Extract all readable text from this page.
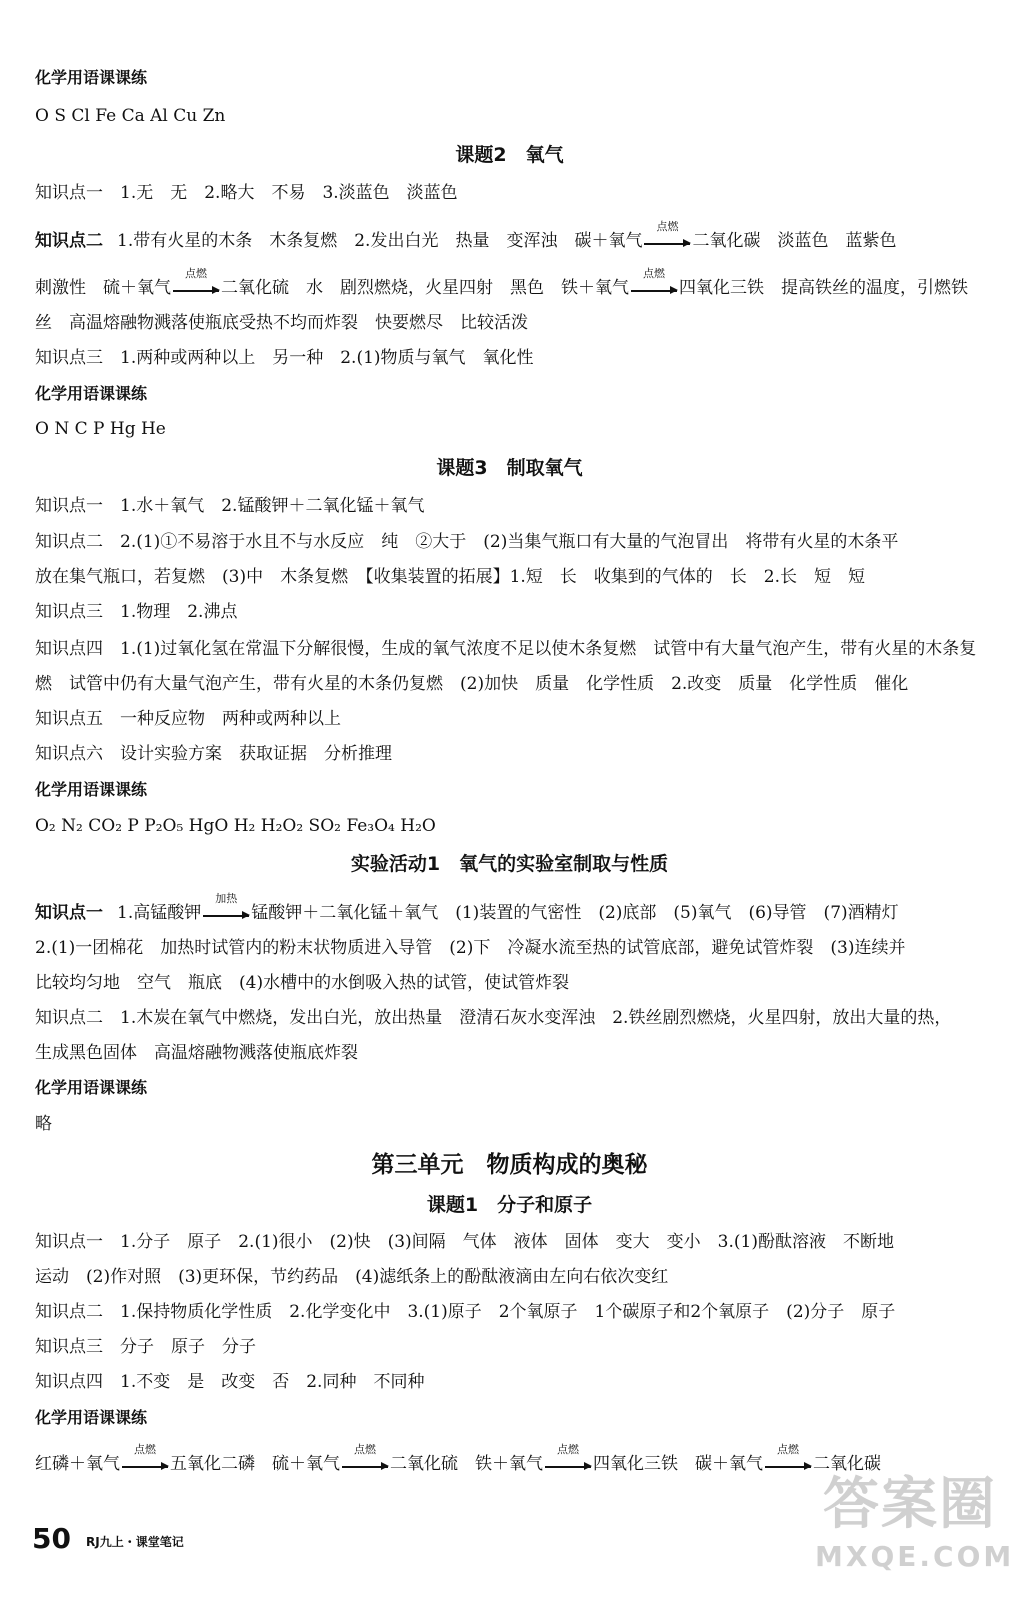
化学用语课课练
O S Cl Fe Ca Al Cu Zn
课题2　氧气
知识点一　1.无　无　2.略大　不易　3.淡蓝色　淡蓝色
知识点二 1.带有火星的木条　木条复燃　2.发出白光　热量　变浑浊　碳＋氧气
点燃
二氧化碳　淡蓝色　蓝紫色
刺激性　硫＋氧气
点燃
二氧化硫　水　剧烈燃烧，火星四射　黑色　铁＋氧气
点燃
四氧化三铁　提高铁丝的温度，引燃铁
丝　高温熔融物溅落使瓶底受热不均而炸裂　快要燃尽　比较活泼
知识点三　1.两种或两种以上　另一种　2.(1)物质与氧气　氧化性
化学用语课课练
O N C P Hg He
课题3　制取氧气
知识点一　1.水＋氧气　2.锰酸钾＋二氧化锰＋氧气
知识点二　2.(1)①不易溶于水且不与水反应　纯　②大于　(2)当集气瓶口有大量的气泡冒出　将带有火星的木条平
放在集气瓶口，若复燃　(3)中　木条复燃　【收集装置的拓展】1.短　长　收集到的气体的　长　2.长　短　短
知识点三　1.物理　2.沸点
知识点四　1.(1)过氧化氢在常温下分解很慢，生成的氧气浓度不足以使木条复燃　试管中有大量气泡产生，带有火星的木条复
燃　试管中仍有大量气泡产生，带有火星的木条仍复燃　(2)加快　质量　化学性质　2.改变　质量　化学性质　催化
知识点五　一种反应物　两种或两种以上
知识点六　设计实验方案　获取证据　分析推理
化学用语课课练
O₂ N₂ CO₂ P P₂O₅ HgO H₂ H₂O₂ SO₂ Fe₃O₄ H₂O
实验活动1　氧气的实验室制取与性质
知识点一 1.高锰酸钾
加热
锰酸钾＋二氧化锰＋氧气　(1)装置的气密性　(2)底部　(5)氧气　(6)导管　(7)酒精灯
2.(1)一团棉花　加热时试管内的粉末状物质进入导管　(2)下　冷凝水流至热的试管底部，避免试管炸裂　(3)连续并
比较均匀地　空气　瓶底　(4)水槽中的水倒吸入热的试管，使试管炸裂
知识点二　1.木炭在氧气中燃烧，发出白光，放出热量　澄清石灰水变浑浊　2.铁丝剧烈燃烧，火星四射，放出大量的热，
生成黑色固体　高温熔融物溅落使瓶底炸裂
化学用语课课练
略
第三单元　物质构成的奥秘
课题1　分子和原子
知识点一　1.分子　原子　2.(1)很小　(2)快　(3)间隔　气体　液体　固体　变大　变小　3.(1)酚酞溶液　不断地
运动　(2)作对照　(3)更环保，节约药品　(4)滤纸条上的酚酞液滴由左向右依次变红
知识点二　1.保持物质化学性质　2.化学变化中　3.(1)原子　2个氧原子　1个碳原子和2个氧原子　(2)分子　原子
知识点三　分子　原子　分子
知识点四　1.不变　是　改变　否　2.同种　不同种
化学用语课课练
红磷＋氧气
点燃
五氧化二磷　硫＋氧气
点燃
二氧化硫　铁＋氧气
点燃
四氧化三铁　碳＋氧气
点燃
二氧化碳
50 RJ九上・课堂笔记
答案圈
MXQE.COM
